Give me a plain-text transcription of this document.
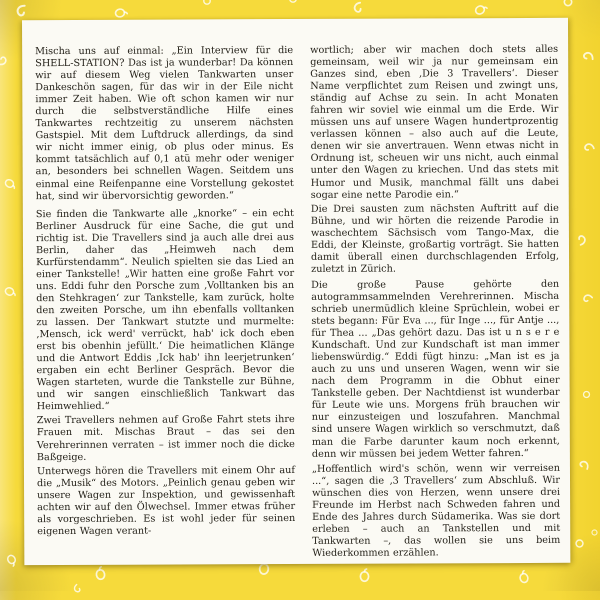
Mischa uns auf einmal: „Ein Interview für die SHELL-STATION? Das ist ja wunderbar! Da können wir auf diesem Weg vielen Tankwarten unser Dankeschön sagen, für das wir in der Eile nicht immer Zeit haben. Wie oft schon kamen wir nur durch die selbstverständliche Hilfe eines Tankwartes rechtzeitig zu unserem nächsten Gastspiel. Mit dem Luftdruck allerdings, da sind wir nicht immer einig, ob plus oder minus. Es kommt tatsächlich auf 0,1 atü mehr oder weniger an, besonders bei schnellen Wagen. Seitdem uns einmal eine Reifenpanne eine Vorstellung gekostet hat, sind wir übervorsichtig geworden.“

Sie finden die Tankwarte alle „knorke“ – ein echt Berliner Ausdruck für eine Sache, die gut und richtig ist. Die Travellers sind ja auch alle drei aus Berlin, daher das „Heimweh nach dem Kurfürstendamm“. Neulich spielten sie das Lied an einer Tankstelle! „Wir hatten eine große Fahrt vor uns. Eddi fuhr den Porsche zum ‚Volltanken bis an den Stehkragen‘ zur Tankstelle, kam zurück, holte den zweiten Porsche, um ihn ebenfalls volltanken zu lassen. Der Tankwart stutzte und murmelte: ‚Mensch, ick werd' verrückt, hab' ick doch eben erst bis obenhin jefüllt.‘ Die heimatlichen Klänge und die Antwort Eddis ‚Ick hab' ihn leerjetrunken‘ ergaben ein echt Berliner Gespräch. Bevor die Wagen starteten, wurde die Tankstelle zur Bühne, und wir sangen einschließlich Tankwart das Heimwehlied.“

Zwei Travellers nehmen auf Große Fahrt stets ihre Frauen mit. Mischas Braut – das sei den Verehrerinnen verraten – ist immer noch die dicke Baßgeige.

Unterwegs hören die Travellers mit einem Ohr auf die „Musik“ des Motors. „Peinlich genau geben wir unsere Wagen zur Inspektion, und gewissenhaft achten wir auf den Ölwechsel. Immer etwas früher als vorgeschrieben. Es ist wohl jeder für seinen eigenen Wagen verant-

wortlich; aber wir machen doch stets alles gemeinsam, weil wir ja nur gemeinsam ein Ganzes sind, eben ‚Die 3 Travellers‘. Dieser Name verpflichtet zum Reisen und zwingt uns, ständig auf Achse zu sein. In acht Monaten fahren wir soviel wie einmal um die Erde. Wir müssen uns auf unsere Wagen hundertprozentig verlassen können – also auch auf die Leute, denen wir sie anvertrauen. Wenn etwas nicht in Ordnung ist, scheuen wir uns nicht, auch einmal unter den Wagen zu kriechen. Und das stets mit Humor und Musik, manchmal fällt uns dabei sogar eine nette Parodie ein.“

Die Drei sausten zum nächsten Auftritt auf die Bühne, und wir hörten die reizende Parodie in waschechtem Sächsisch vom Tango-Max, die Eddi, der Kleinste, großartig vorträgt. Sie hatten damit überall einen durchschlagenden Erfolg, zuletzt in Zürich.

Die große Pause gehörte den autogrammsammelnden Verehrerinnen. Mischa schrieb unermüdlich kleine Sprüchlein, wobei er stets begann: Für Eva ..., für Inge ..., für Antje ..., für Thea ... „Das gehört dazu. Das ist u n s e r e Kundschaft. Und zur Kundschaft ist man immer liebenswürdig.“ Eddi fügt hinzu: „Man ist es ja auch zu uns und unseren Wagen, wenn wir sie nach dem Programm in die Obhut einer Tankstelle geben. Der Nachtdienst ist wunderbar für Leute wie uns. Morgens früh brauchen wir nur einzusteigen und loszufahren. Manchmal sind unsere Wagen wirklich so verschmutzt, daß man die Farbe darunter kaum noch erkennt, denn wir müssen bei jedem Wetter fahren.“

„Hoffentlich wird's schön, wenn wir verreisen ...“, sagen die ‚3 Travellers‘ zum Abschluß. Wir wünschen dies von Herzen, wenn unsere drei Freunde im Herbst nach Schweden fahren und Ende des Jahres durch Südamerika. Was sie dort erleben – auch an Tankstellen und mit Tankwarten –, das wollen sie uns beim Wiederkommen erzählen.
